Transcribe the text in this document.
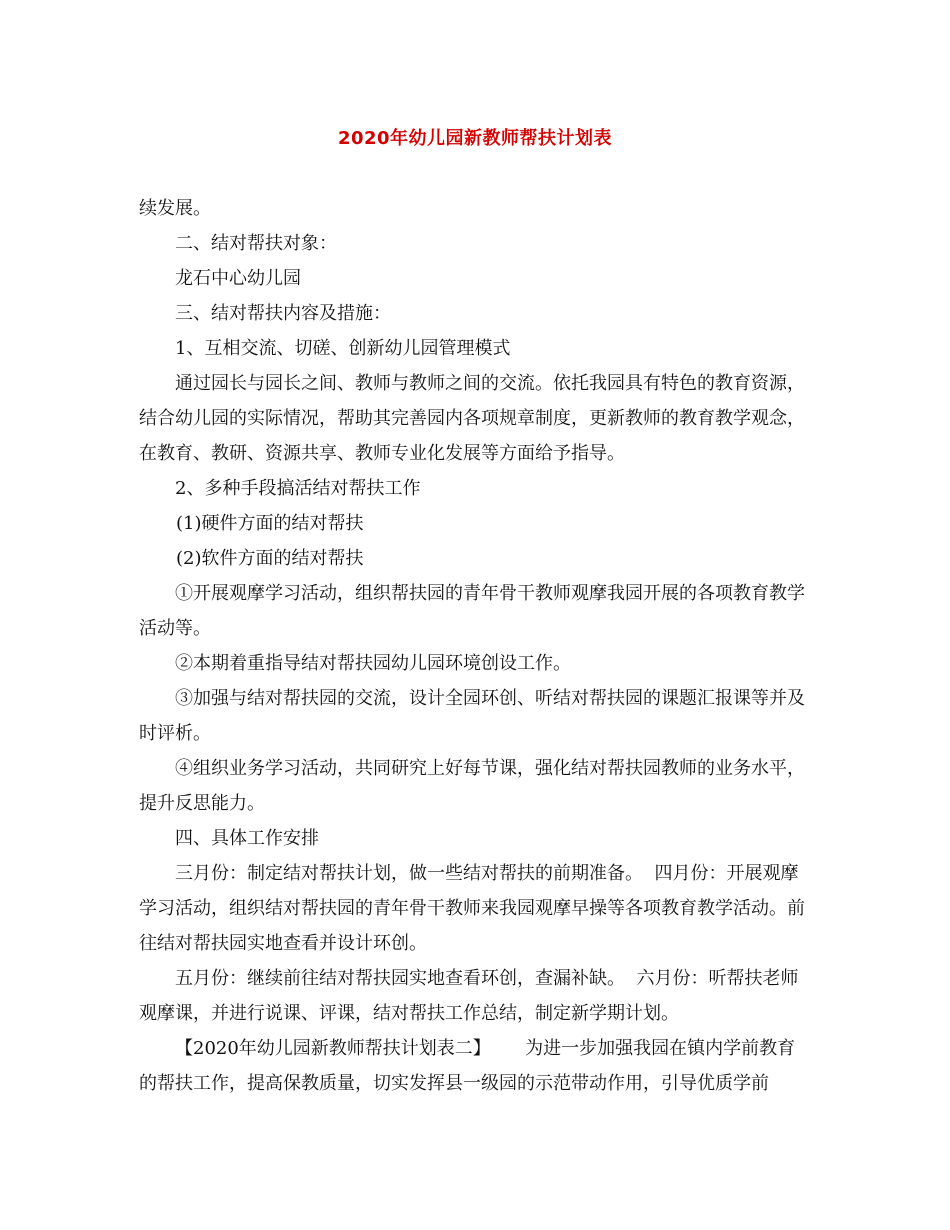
2020年幼儿园新教师帮扶计划表

续发展。

二、结对帮扶对象：

龙石中心幼儿园

三、结对帮扶内容及措施：

1、互相交流、切磋、创新幼儿园管理模式

通过园长与园长之间、教师与教师之间的交流。依托我园具有特色的教育资源，结合幼儿园的实际情况，帮助其完善园内各项规章制度，更新教师的教育教学观念，在教育、教研、资源共享、教师专业化发展等方面给予指导。

2、多种手段搞活结对帮扶工作

(1)硬件方面的结对帮扶

(2)软件方面的结对帮扶

①开展观摩学习活动，组织帮扶园的青年骨干教师观摩我园开展的各项教育教学活动等。

②本期着重指导结对帮扶园幼儿园环境创设工作。

③加强与结对帮扶园的交流，设计全园环创、听结对帮扶园的课题汇报课等并及时评析。

④组织业务学习活动，共同研究上好每节课，强化结对帮扶园教师的业务水平，提升反思能力。

四、具体工作安排

三月份：制定结对帮扶计划，做一些结对帮扶的前期准备。  四月份：开展观摩学习活动，组织结对帮扶园的青年骨干教师来我园观摩早操等各项教育教学活动。前往结对帮扶园实地查看并设计环创。

五月份：继续前往结对帮扶园实地查看环创，查漏补缺。  六月份：听帮扶老师观摩课，并进行说课、评课，结对帮扶工作总结，制定新学期计划。

【2020年幼儿园新教师帮扶计划表二】      为进一步加强我园在镇内学前教育的帮扶工作，提高保教质量，切实发挥县一级园的示范带动作用，引导优质学前
